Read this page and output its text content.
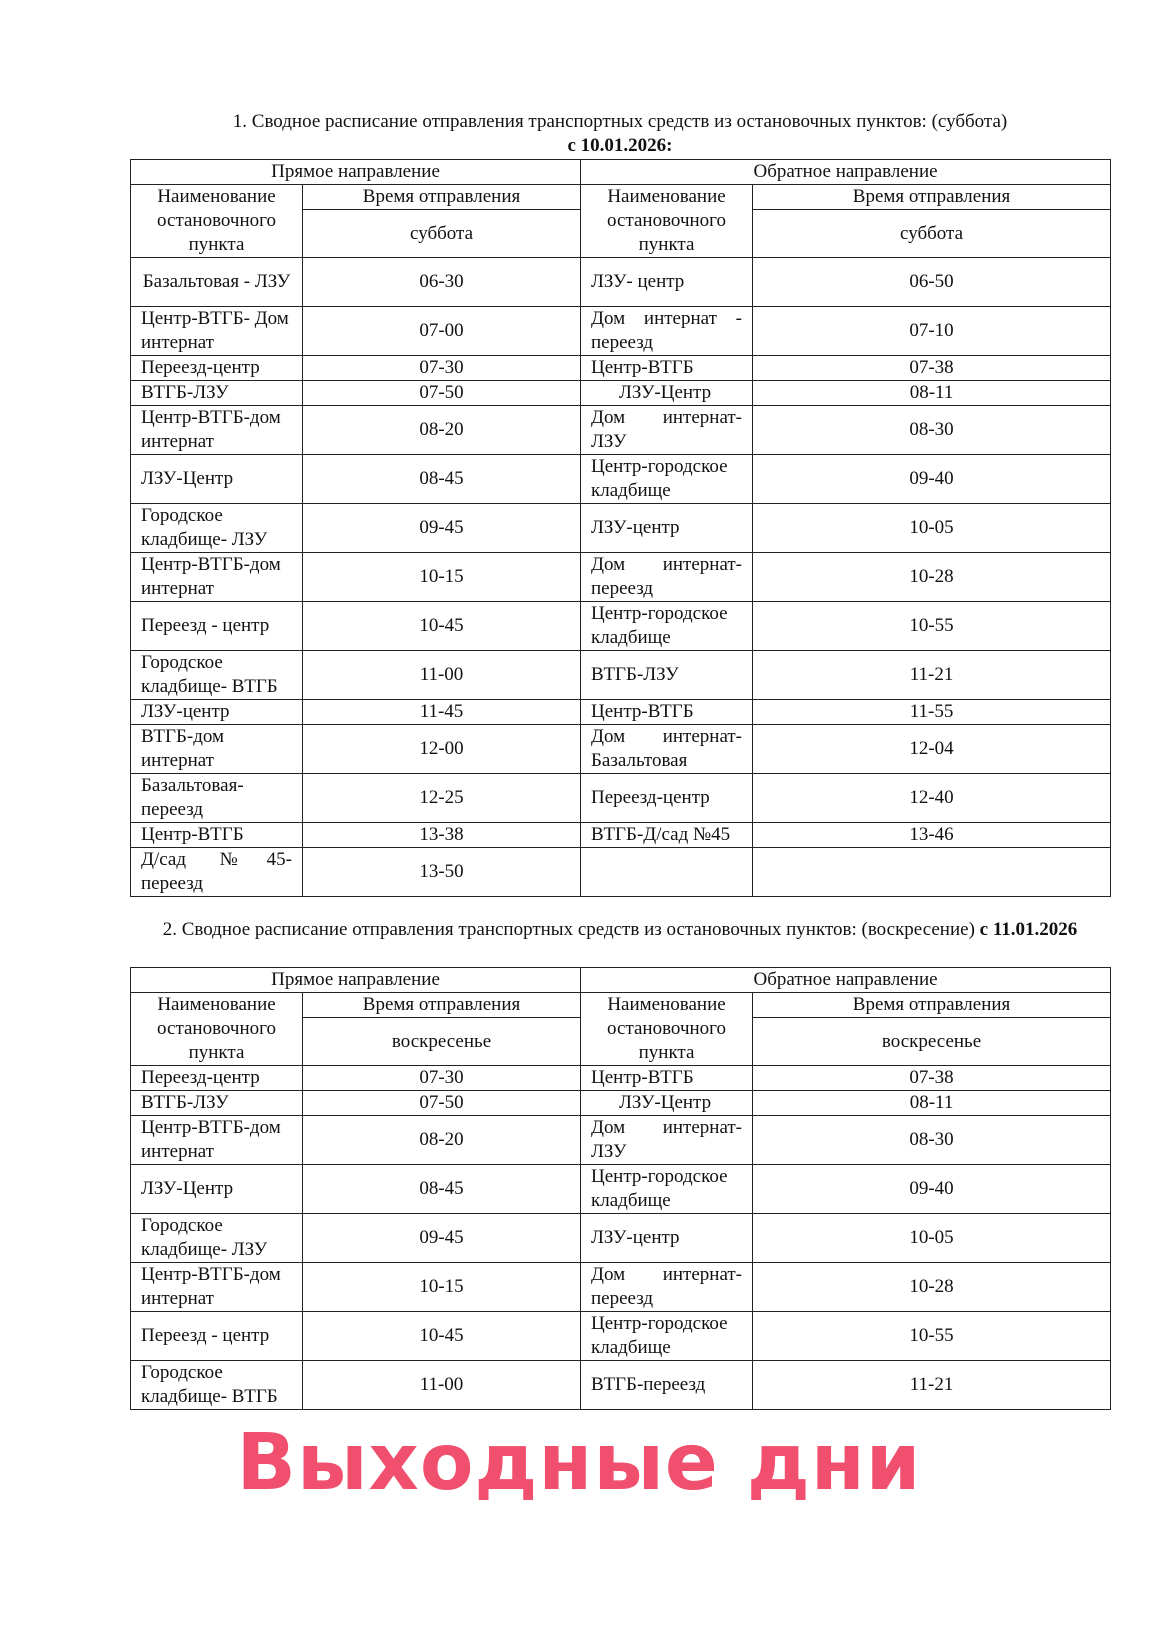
1. Сводное расписание отправления транспортных средств из остановочных пунктов: (суббота)
с 10.01.2026:

Прямое направление		Обратное направление	
Наименование остановочного пункта	Время отправления	Наименование остановочного пункта	Время отправления
	суббота		суббота
Базальтовая - ЛЗУ	06-30	ЛЗУ- центр	06-50
Центр-ВТГБ- Дом интернат	07-00	Дом интернат - переезд	07-10
Переезд-центр	07-30	Центр-ВТГБ	07-38
ВТГБ-ЛЗУ	07-50	ЛЗУ-Центр	08-11
Центр-ВТГБ-дом интернат	08-20	Дом интернат- ЛЗУ	08-30
ЛЗУ-Центр	08-45	Центр-городское кладбище	09-40
Городское кладбище- ЛЗУ	09-45	ЛЗУ-центр	10-05
Центр-ВТГБ-дом интернат	10-15	Дом интернат- переезд	10-28
Переезд - центр	10-45	Центр-городское кладбище	10-55
Городское кладбище- ВТГБ	11-00	ВТГБ-ЛЗУ	11-21
ЛЗУ-центр	11-45	Центр-ВТГБ	11-55
ВТГБ-дом интернат	12-00	Дом интернат- Базальтовая	12-04
Базальтовая- переезд	12-25	Переезд-центр	12-40
Центр-ВТГБ	13-38	ВТГБ-Д/сад №45	13-46
Д/сад №45- переезд	13-50		

2. Сводное расписание отправления транспортных средств из остановочных пунктов: (воскресение) с 11.01.2026

Прямое направление		Обратное направление	
Наименование остановочного пункта	Время отправления	Наименование остановочного пункта	Время отправления
	воскресенье		воскресенье
Переезд-центр	07-30	Центр-ВТГБ	07-38
ВТГБ-ЛЗУ	07-50	ЛЗУ-Центр	08-11
Центр-ВТГБ-дом интернат	08-20	Дом интернат- ЛЗУ	08-30
ЛЗУ-Центр	08-45	Центр-городское кладбище	09-40
Городское кладбище- ЛЗУ	09-45	ЛЗУ-центр	10-05
Центр-ВТГБ-дом интернат	10-15	Дом интернат- переезд	10-28
Переезд - центр	10-45	Центр-городское кладбище	10-55
Городское кладбище- ВТГБ	11-00	ВТГБ-переезд	11-21
Выходные дни
